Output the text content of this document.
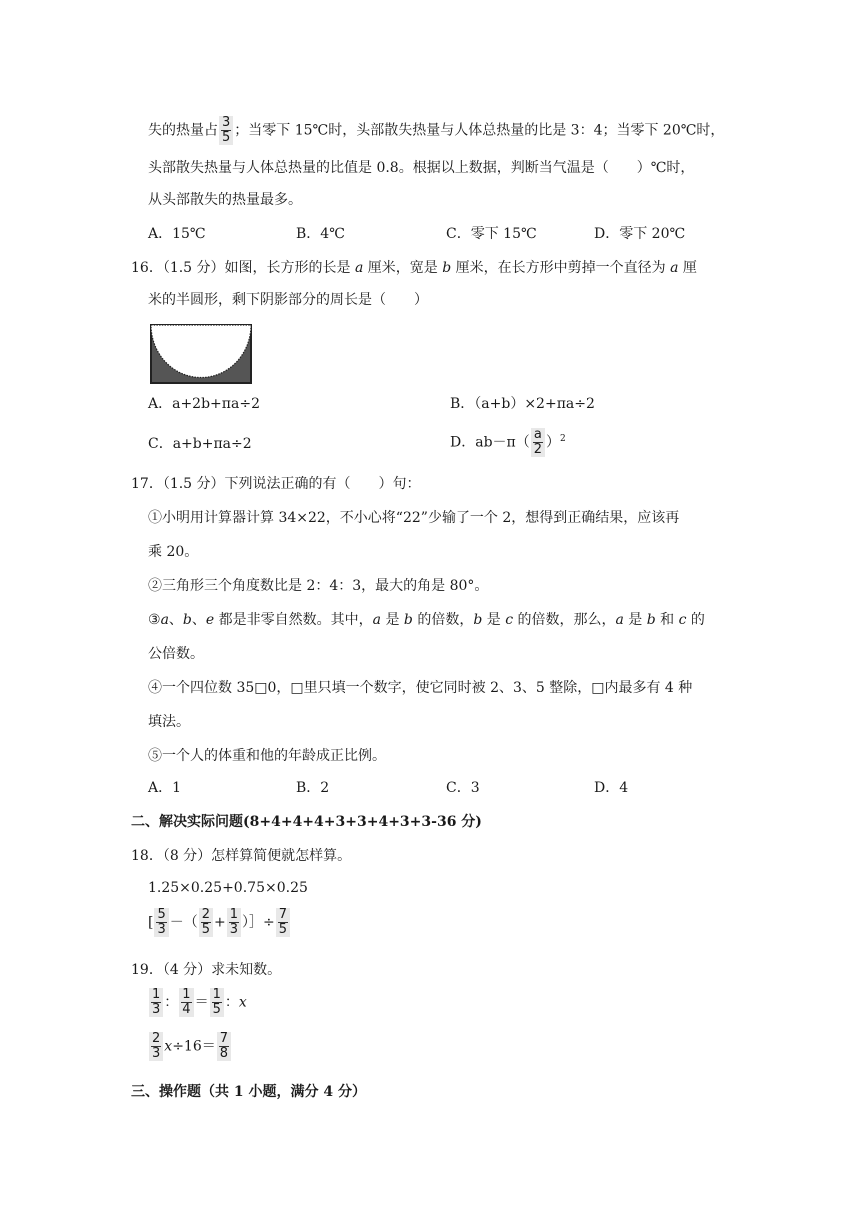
失的热量占 $\frac{3}{5}$ ；当零下 15℃时，头部散失热量与人体总热量的比是 3：4；当零下 20℃时，
头部散失热量与人体总热量的比值是 0.8。根据以上数据，判断当气温是（　　）℃时，
从头部散失的热量最多。
A．15℃	B．4℃	C．零下 15℃	D．零下 20℃
16．（1.5 分）如图，长方形的长是 a 厘米，宽是 b 厘米，在长方形中剪掉一个直径为 a 厘
米的半圆形，剩下阴影部分的周长是（　　）
A．a+2b+πa÷2	B．（a+b）×2+πa÷2
C．a+b+πa÷2	D．$ab-\pi( \frac{a}{2} )^2$
17．（1.5 分）下列说法正确的有（　　）句：
①小明用计算器计算 34×22，不小心将“22”少输了一个 2，想得到正确结果，应该再
乘 20。
②三角形三个角度数比是 2：4：3，最大的角是 80°。
③a、b、e 都是非零自然数。其中，a 是 b 的倍数，b 是 c 的倍数，那么，a 是 b 和 c 的
公倍数。
④一个四位数 35□0，□里只填一个数字，使它同时被 2、3、5 整除，□内最多有 4 种
填法。
⑤一个人的体重和他的年龄成正比例。
A．1	B．2	C．3	D．4
二、解决实际问题(8+4+4+4+3+3+4+3+3-36 分)
18．（8 分）怎样算简便就怎样算。
1.25×0.25+0.75×0.25
[ $\frac{5}{3}$ －（ $\frac{2}{5} + \frac{1}{3}$ ）］÷ $\frac{7}{5}$
19．（4 分）求未知数。
$\frac{1}{3}$ ： $\frac{1}{4} = \frac{1}{5}$ ：x
$\frac{2}{3} x\div 16= \frac{7}{8}$
三、操作题（共 1 小题，满分 4 分）
